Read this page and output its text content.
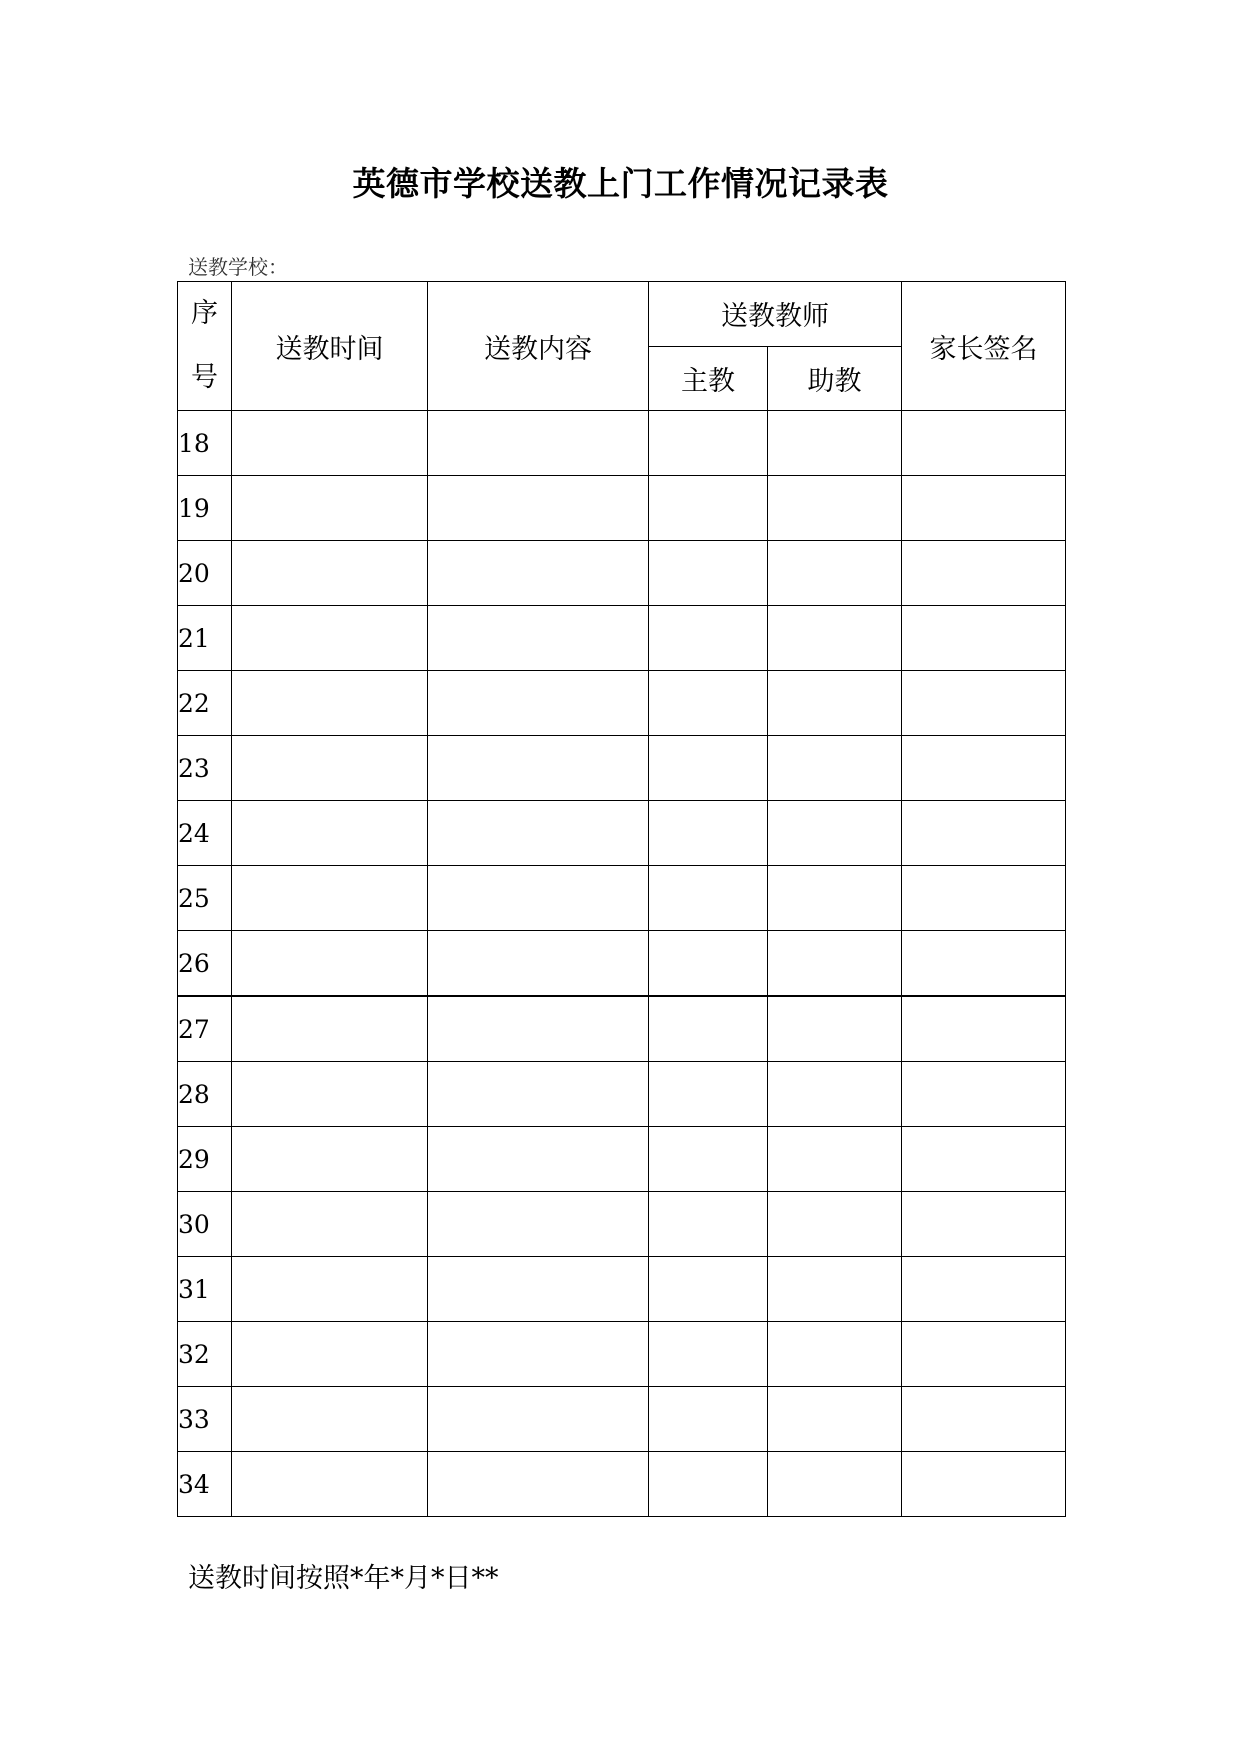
英德市学校送教上门工作情况记录表
送教学校：
序
号	送教时间	送教内容	送教教师		家长签名
			主教	助教	
18					
19					
20					
21					
22					
23					
24					
25					
26					
27					
28					
29					
30					
31					
32					
33					
34					
送教时间按照*年*月*日**
